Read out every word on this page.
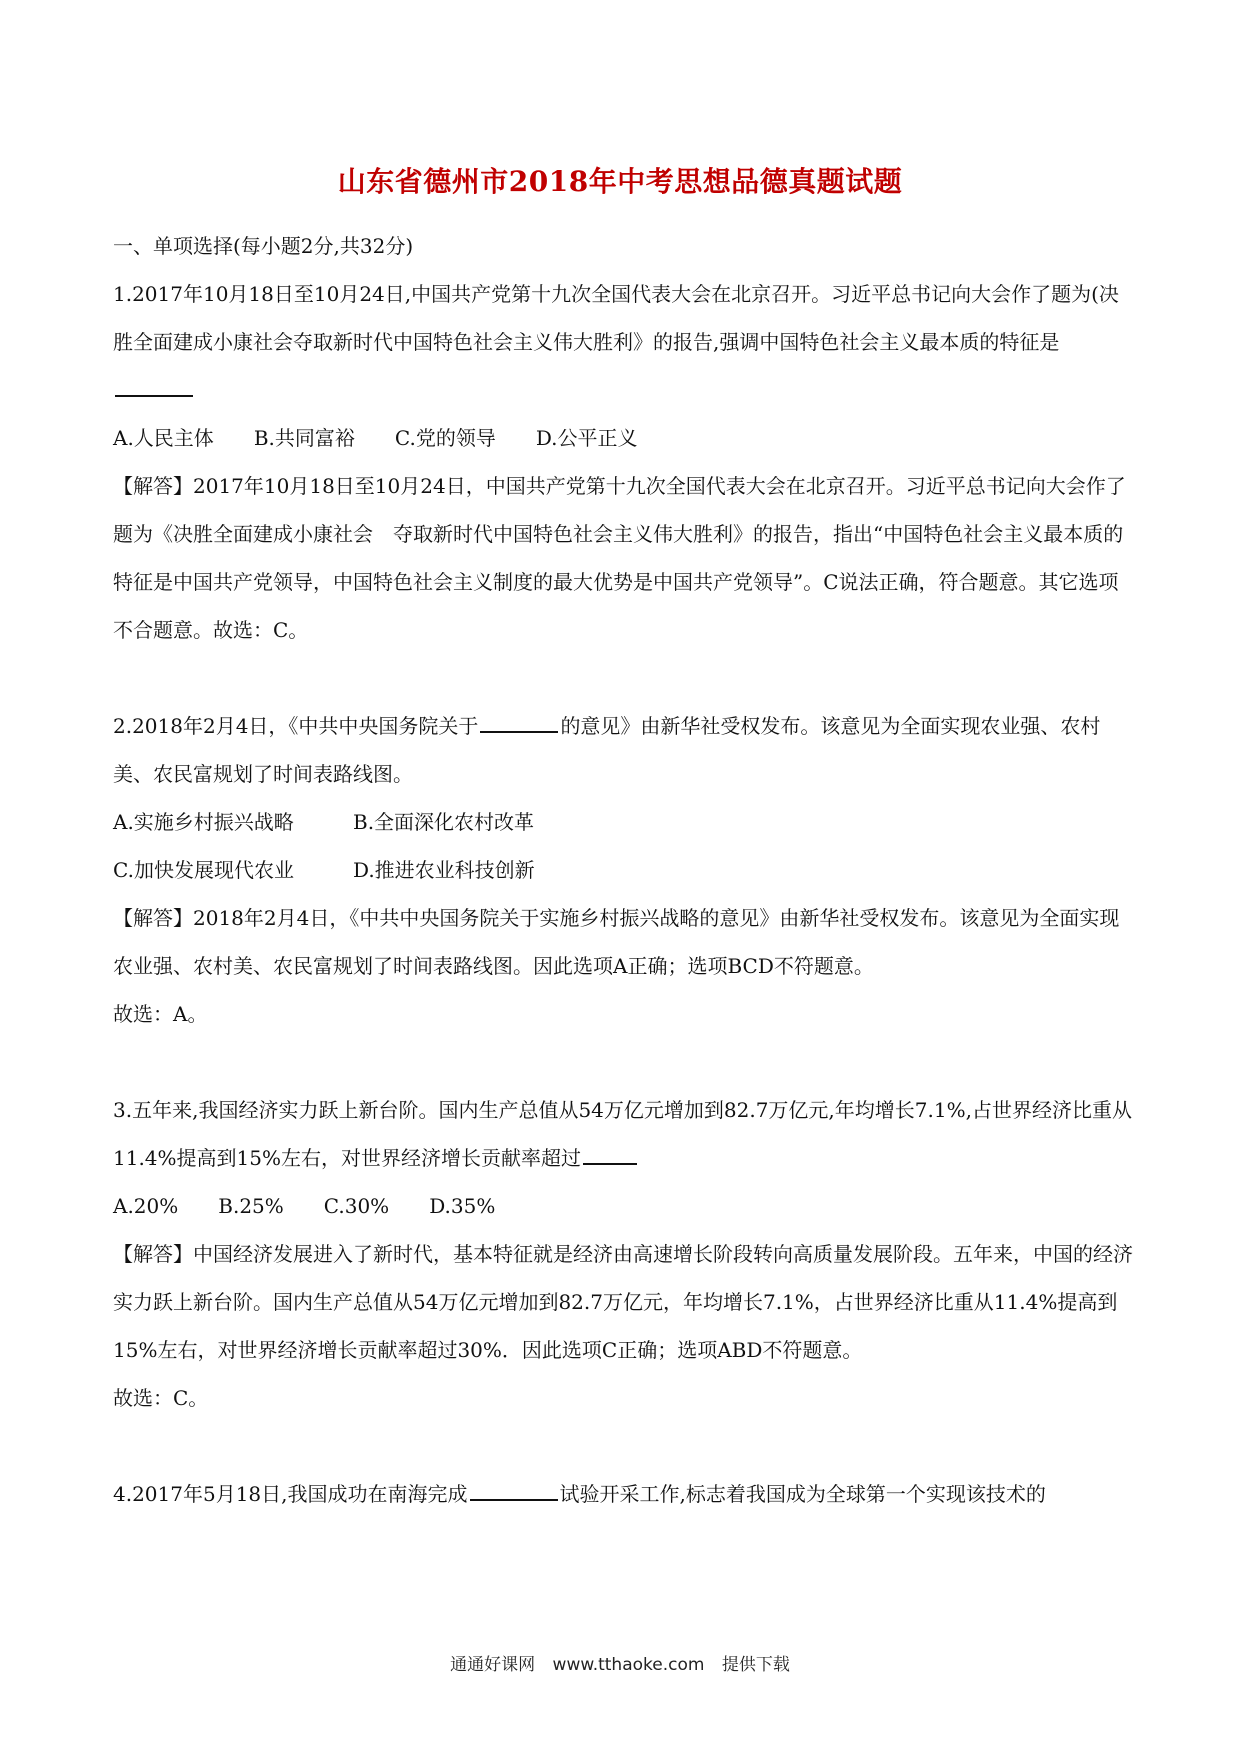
山东省德州市2018年中考思想品德真题试题
一、单项选择(每小题2分,共32分)
1.2017年10月18日至10月24日,中国共产党第十九次全国代表大会在北京召开。习近平总书记向大会作了题为(决胜全面建成小康社会夺取新时代中国特色社会主义伟大胜利》的报告,强调中国特色社会主义最本质的特征是
A.人民主体 B.共同富裕 C.党的领导 D.公平正义
【解答】2017年10月18日至10月24日，中国共产党第十九次全国代表大会在北京召开。习近平总书记向大会作了题为《决胜全面建成小康社会　夺取新时代中国特色社会主义伟大胜利》的报告，指出“中国特色社会主义最本质的特征是中国共产党领导，中国特色社会主义制度的最大优势是中国共产党领导”。C说法正确，符合题意。其它选项不合题意。故选：C。
2.2018年2月4日，《中共中央国务院关于	的意见》由新华社受权发布。该意见为全面实现农业强、农村美、农民富规划了时间表路线图。
A.实施乡村振兴战略	B.全面深化农村改革
C.加快发展现代农业	D.推进农业科技创新
【解答】2018年2月4日，《中共中央国务院关于实施乡村振兴战略的意见》由新华社受权发布。该意见为全面实现农业强、农村美、农民富规划了时间表路线图。因此选项A正确；选项BCD不符题意。
故选：A。
3.五年来,我国经济实力跃上新台阶。国内生产总值从54万亿元增加到82.7万亿元,年均增长7.1%,占世界经济比重从11.4%提高到15%左右，对世界经济增长贡献率超过
A.20% B.25% C.30% D.35%
【解答】中国经济发展进入了新时代，基本特征就是经济由高速增长阶段转向高质量发展阶段。五年来，中国的经济实力跃上新台阶。国内生产总值从54万亿元增加到82.7万亿元，年均增长7.1%，占世界经济比重从11.4%提高到15%左右，对世界经济增长贡献率超过30%．因此选项C正确；选项ABD不符题意。
故选：C。
4.2017年5月18日,我国成功在南海完成	试验开采工作,标志着我国成为全球第一个实现该技术的
通通好课网 www.tthaoke.com 提供下载
